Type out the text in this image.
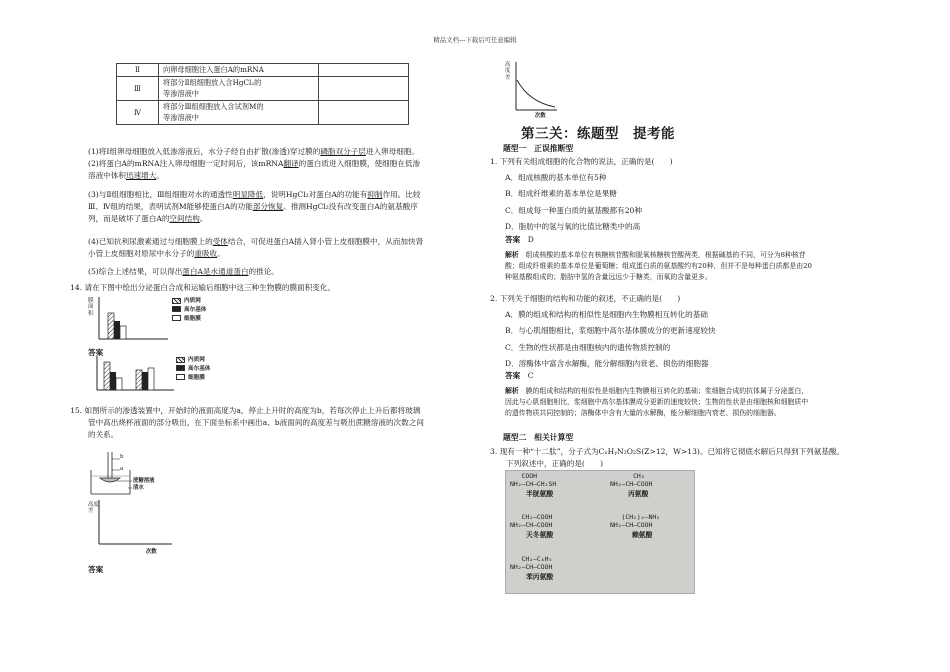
精品文档---下载后可任意编辑
Ⅱ	向卵母细胞注入蛋白A的mRNA	
Ⅲ	将部分Ⅱ组细胞放入含HgCl₂的
等渗溶液中	

Ⅳ	将部分Ⅲ组细胞放入含试剂M的
等渗溶液中	

(1)将Ⅰ组卵母细胞放入低渗溶液后，水分子经自由扩散(渗透)穿过膜的磷脂双分子层进入卵母细胞。
(2)将蛋白A的mRNA注入卵母细胞一定时间后，该mRNA翻译的蛋白质进入细胞膜，使细胞在低渗
溶液中体积迅速增大。
(3)与Ⅱ组细胞相比，Ⅲ组细胞对水的通透性明显降低，说明HgCl₂对蛋白A的功能有抑制作用。比较
Ⅲ、Ⅳ组的结果，表明试剂M能够使蛋白A的功能部分恢复。推测HgCl₂没有改变蛋白A的氨基酸序
列，而是破坏了蛋白A的空间结构。
(4)已知抗利尿激素通过与细胞膜上的受体结合，可促进蛋白A插入肾小管上皮细胞膜中，从而加快肾
小管上皮细胞对原尿中水分子的重吸收。
(5)综合上述结果，可以得出蛋白A是水通道蛋白的推论。
14. 请在下图中绘出分泌蛋白合成和运输后细胞中这三种生物膜的膜面积变化。
膜面积
内质网
高尔基体
细胞膜
答案
内质网
高尔基体
细胞膜
15. 如图所示的渗透装置中，开始时的液面高度为a，停止上升时的高度为b，若每次停止上升后都将玻璃
管中高出烧杯液面的部分吸出，在下面坐标系中画出a、b液面间的高度差与吸出蔗糖溶液的次数之间
的关系。
b
a
蔗糖溶液
清水
高度差
次数
答案
高度差
次数
第三关：练题型　提考能
题型一　正误推断型
1. 下列有关组成细胞的化合物的说法，正确的是(　　)
A．组成核酸的基本单位有5种
B．组成纤维素的基本单位是果糖
C．组成每一种蛋白质的氨基酸都有20种
D．脂肪中的氢与氧的比值比糖类中的高
答案　 D
解析　 组成核酸的基本单位有核糖核苷酸和脱氧核糖核苷酸两类，根据碱基的不同，可分为8种核苷
酸；组成纤维素的基本单位是葡萄糖；组成蛋白质的氨基酸约有20种，但并不是每种蛋白质都是由20
种氨基酸组成的；脂肪中氢的含量远远少于糖类，而氧的含量更多。
2. 下列关于细胞的结构和功能的叙述，不正确的是(　　)
A．膜的组成和结构的相似性是细胞内生物膜相互转化的基础
B．与心肌细胞相比，浆细胞中高尔基体膜成分的更新速度较快
C．生物的性状都是由细胞核内的遗传物质控制的
D．溶酶体中富含水解酶，能分解细胞内衰老、损伤的细胞器
答案　 C
解析　 膜的组成和结构的相似性是细胞内生物膜相互转化的基础；浆细胞合成的抗体属于分泌蛋白，
因此与心肌细胞相比，浆细胞中高尔基体膜成分更新的速度较快；生物的性状是由细胞核和细胞质中
的遗传物质共同控制的；溶酶体中含有大量的水解酶，能分解细胞内衰老、损伤的细胞器。
题型二　相关计算型
3. 现有一种“十二肽”，分子式为CₓHᵧN₂O₂S(Z>12，W>13)。已知将它彻底水解后只得到下列氨基酸。
下列叙述中，正确的是(　　)
COOH
NH₂—CH—CH₂SH
半胱氨酸
CH₃
NH₂—CH—COOH
丙氨酸
CH₂—COOH
NH₂—CH—COOH
天冬氨酸
(CH₂)₄—NH₂
NH₂—CH—COOH
赖氨酸
CH₂—C₆H₅
NH₂—CH—COOH
苯丙氨酸
